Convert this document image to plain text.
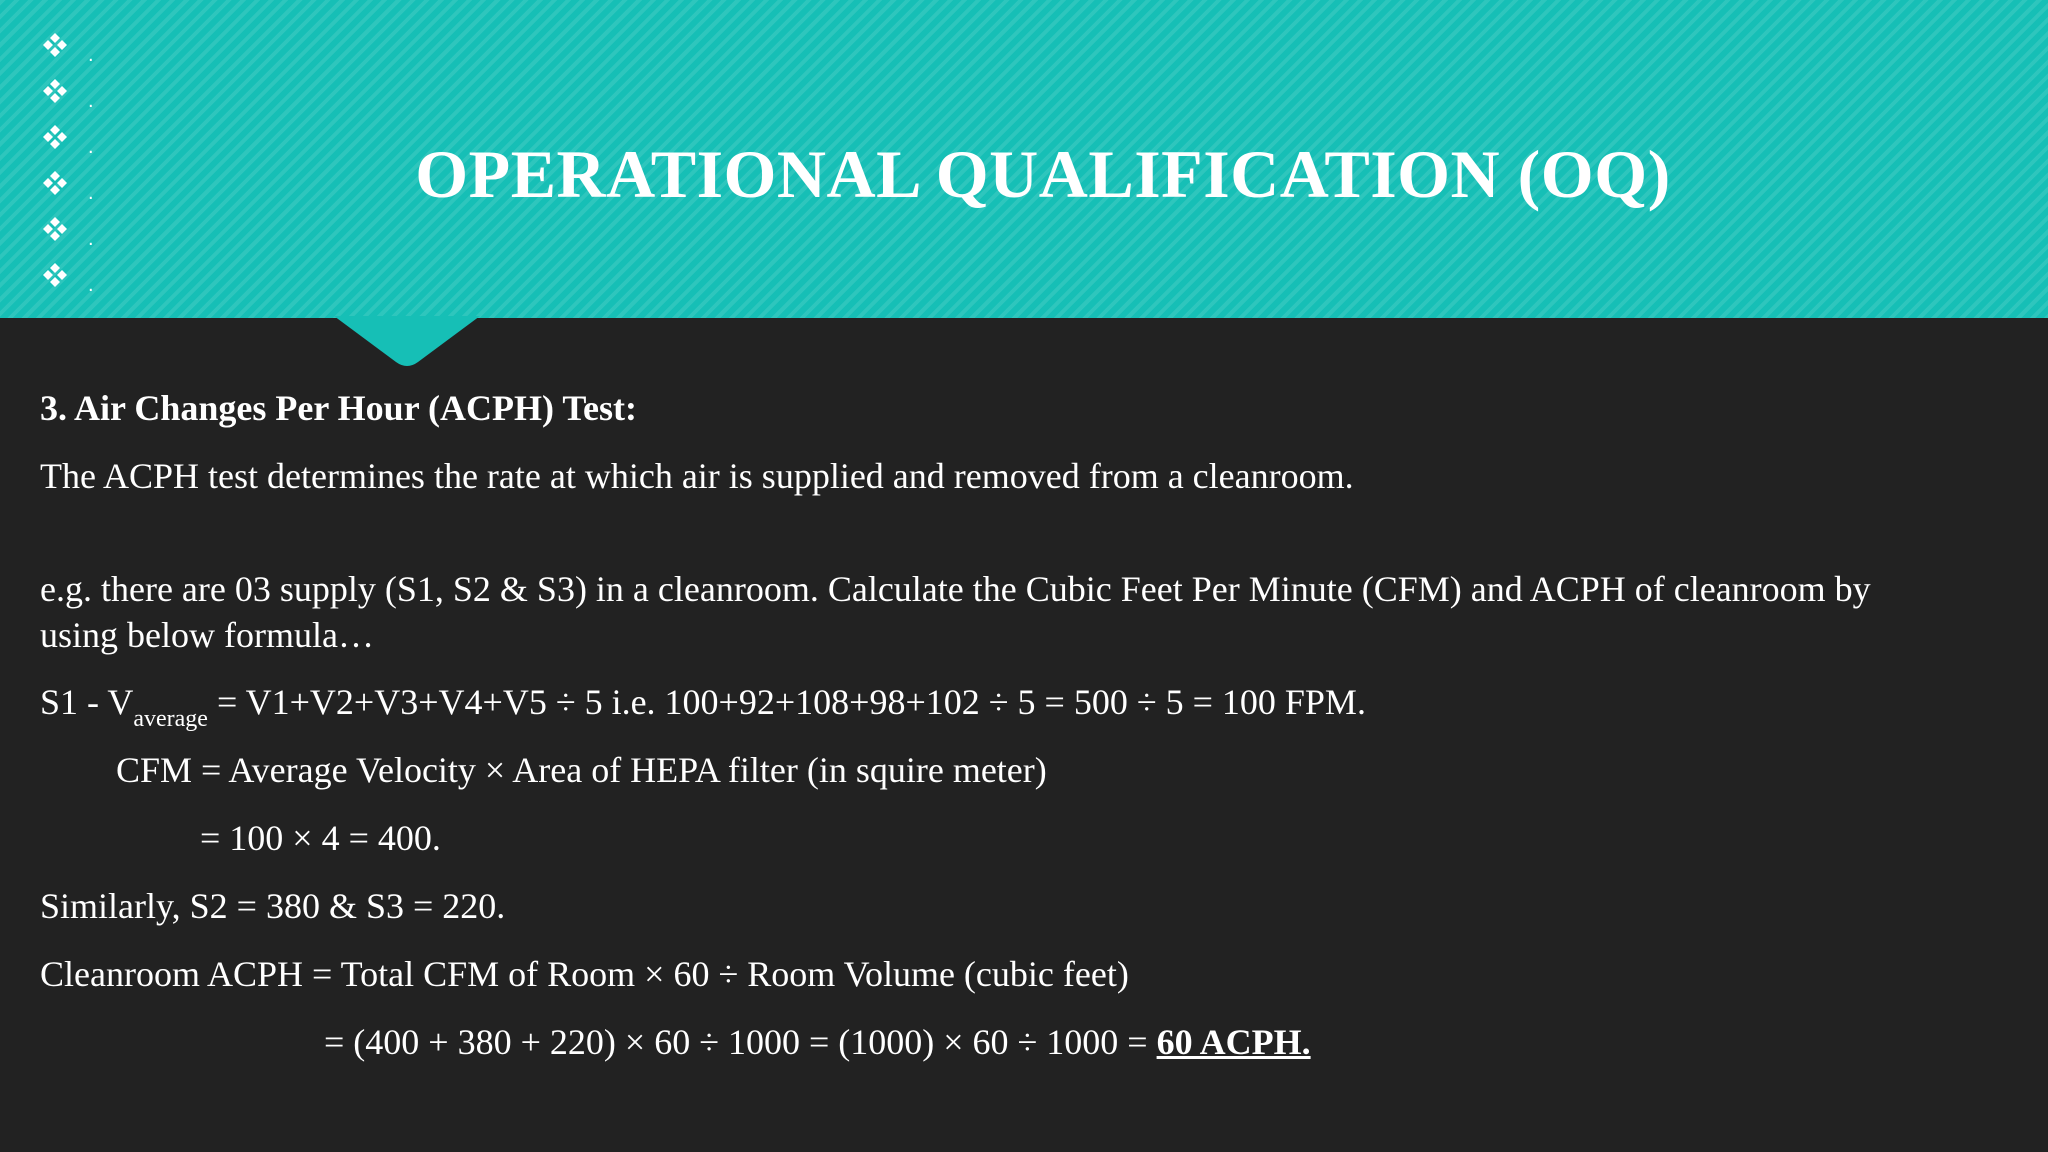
.
.
.
.
.
.
OPERATIONAL QUALIFICATION (OQ)
3. Air Changes Per Hour (ACPH) Test:
The ACPH test determines the rate at which air is supplied and removed from a cleanroom.
e.g. there are 03 supply (S1, S2 & S3) in a cleanroom. Calculate the Cubic Feet Per Minute (CFM) and ACPH of cleanroom by
using below formula…
$S1 - V_{average} = V1+V2+V3+V4+V5 \div 5$ i.e. 100+92+108+98+102 ÷ 5 = 500 ÷ 5 = 100 FPM.
CFM = Average Velocity × Area of HEPA filter (in squire meter)
= 100 × 4 = 400.
Similarly, S2 = 380 & S3 = 220.
Cleanroom ACPH = Total CFM of Room × 60 ÷ Room Volume (cubic feet)
= (400 + 380 + 220) × 60 ÷ 1000 = (1000) × 60 ÷ 1000 = 60 ACPH.
